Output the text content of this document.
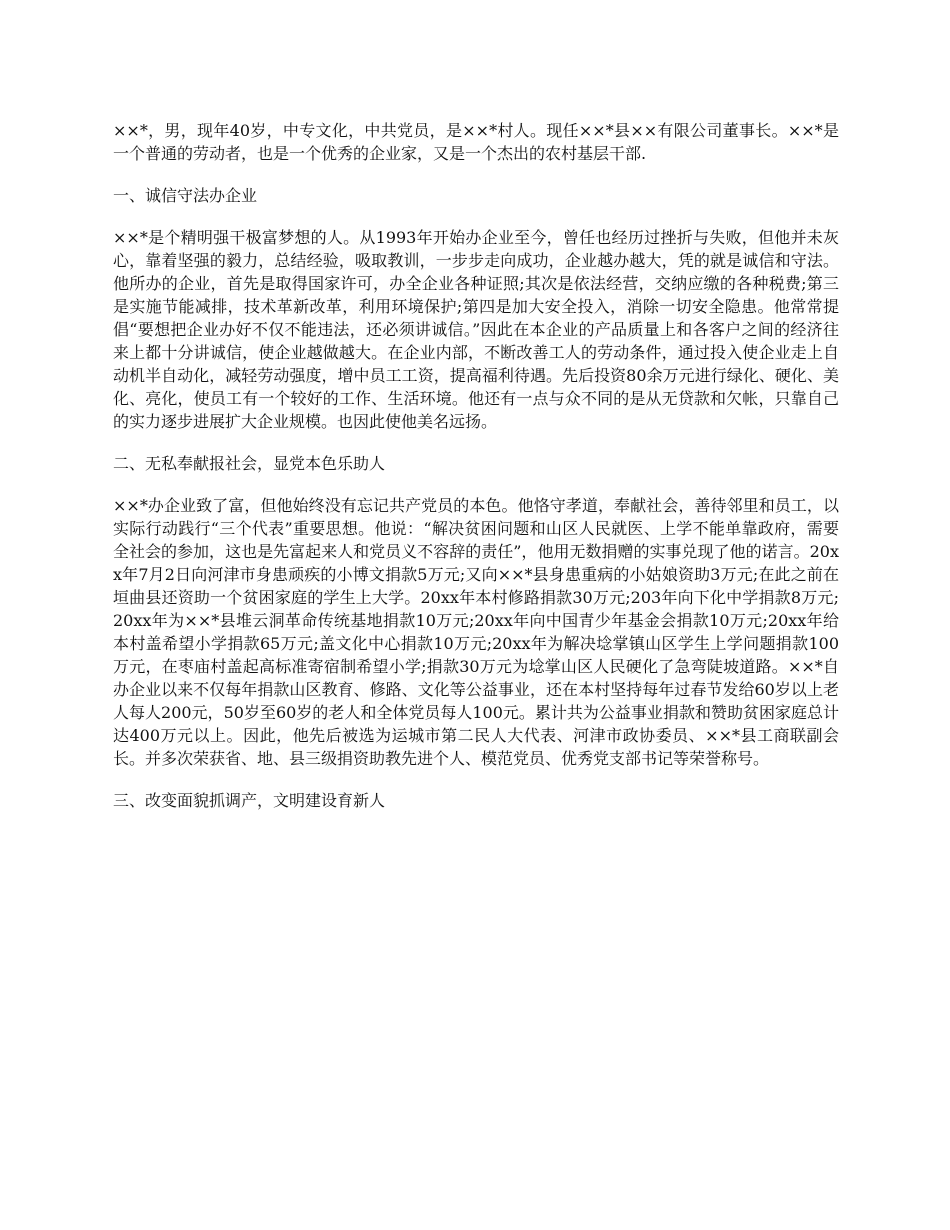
××*，男，现年40岁，中专文化，中共党员，是××*村人。现任××*县××有限公司董事长。××*是一个普通的劳动者，也是一个优秀的企业家，又是一个杰出的农村基层干部.

一、诚信守法办企业

××*是个精明强干极富梦想的人。从1993年开始办企业至今，曾任也经历过挫折与失败，但他并未灰心，靠着坚强的毅力，总结经验，吸取教训，一步步走向成功，企业越办越大，凭的就是诚信和守法。他所办的企业，首先是取得国家许可，办全企业各种证照;其次是依法经营，交纳应缴的各种税费;第三是实施节能减排，技术革新改革，利用环境保护;第四是加大安全投入，消除一切安全隐患。他常常提倡“要想把企业办好不仅不能违法，还必须讲诚信。”因此在本企业的产品质量上和各客户之间的经济往来上都十分讲诚信，使企业越做越大。在企业内部，不断改善工人的劳动条件，通过投入使企业走上自动机半自动化，减轻劳动强度，增中员工工资，提高福利待遇。先后投资80余万元进行绿化、硬化、美化、亮化，使员工有一个较好的工作、生活环境。他还有一点与众不同的是从无贷款和欠帐，只靠自己的实力逐步进展扩大企业规模。也因此使他美名远扬。

二、无私奉献报社会，显党本色乐助人

××*办企业致了富，但他始终没有忘记共产党员的本色。他恪守孝道，奉献社会，善待邻里和员工，以实际行动践行“三个代表”重要思想。他说：“解决贫困问题和山区人民就医、上学不能单靠政府，需要全社会的参加，这也是先富起来人和党员义不容辞的责任”，他用无数捐赠的实事兑现了他的诺言。20xx年7月2日向河津市身患顽疾的小博文捐款5万元;又向××*县身患重病的小姑娘资助3万元;在此之前在垣曲县还资助一个贫困家庭的学生上大学。20xx年本村修路捐款30万元;203年向下化中学捐款8万元;20xx年为××*县堆云洞革命传统基地捐款10万元;20xx年向中国青少年基金会捐款10万元;20xx年给本村盖希望小学捐款65万元;盖文化中心捐款10万元;20xx年为解决埝掌镇山区学生上学问题捐款100万元，在枣庙村盖起高标准寄宿制希望小学;捐款30万元为埝掌山区人民硬化了急弯陡坡道路。××*自办企业以来不仅每年捐款山区教育、修路、文化等公益事业，还在本村坚持每年过春节发给60岁以上老人每人200元，50岁至60岁的老人和全体党员每人100元。累计共为公益事业捐款和赞助贫困家庭总计达400万元以上。因此，他先后被选为运城市第二民人大代表、河津市政协委员、××*县工商联副会长。并多次荣获省、地、县三级捐资助教先进个人、模范党员、优秀党支部书记等荣誉称号。

三、改变面貌抓调产，文明建设育新人
